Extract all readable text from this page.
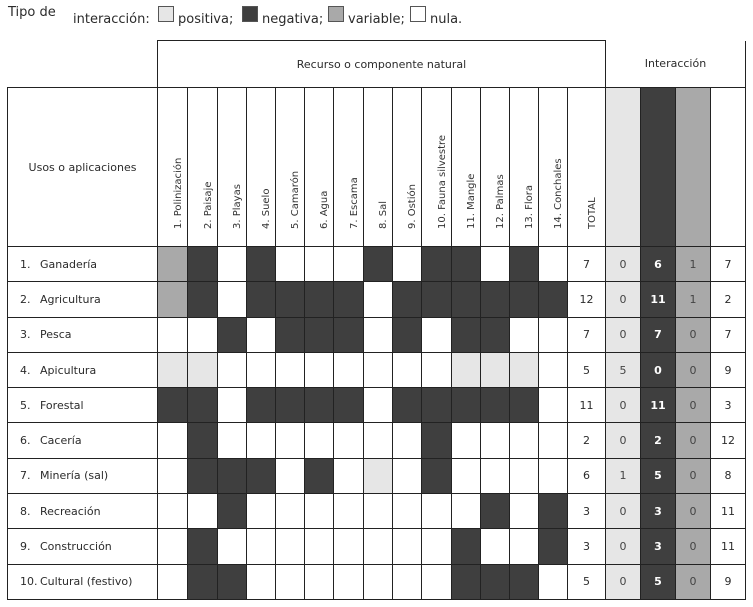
Tipo de interacción: positiva; negativa; variable; nula.
	Recurso o componente natural															Interacción			
Usos o aplicaciones	1. Polinización	2. Paisaje	3. Playas	4. Suelo	5. Camarón	6. Agua	7. Escama	8. Sal	9. Ostión	10. Fauna silvestre	11. Mangle	12. Palmas	13. Flora	14. Conchales	TOTAL				

1. Ganadería															7	0	6	1	7
2. Agricultura															12	0	11	1	2
3. Pesca															7	0	7	0	7
4. Apicultura															5	5	0	0	9
5. Forestal															11	0	11	0	3
6. Cacería															2	0	2	0	12
7. Minería (sal)															6	1	5	0	8
8. Recreación															3	0	3	0	11
9. Construcción															3	0	3	0	11
10. Cultural (festivo)															5	0	5	0	9
